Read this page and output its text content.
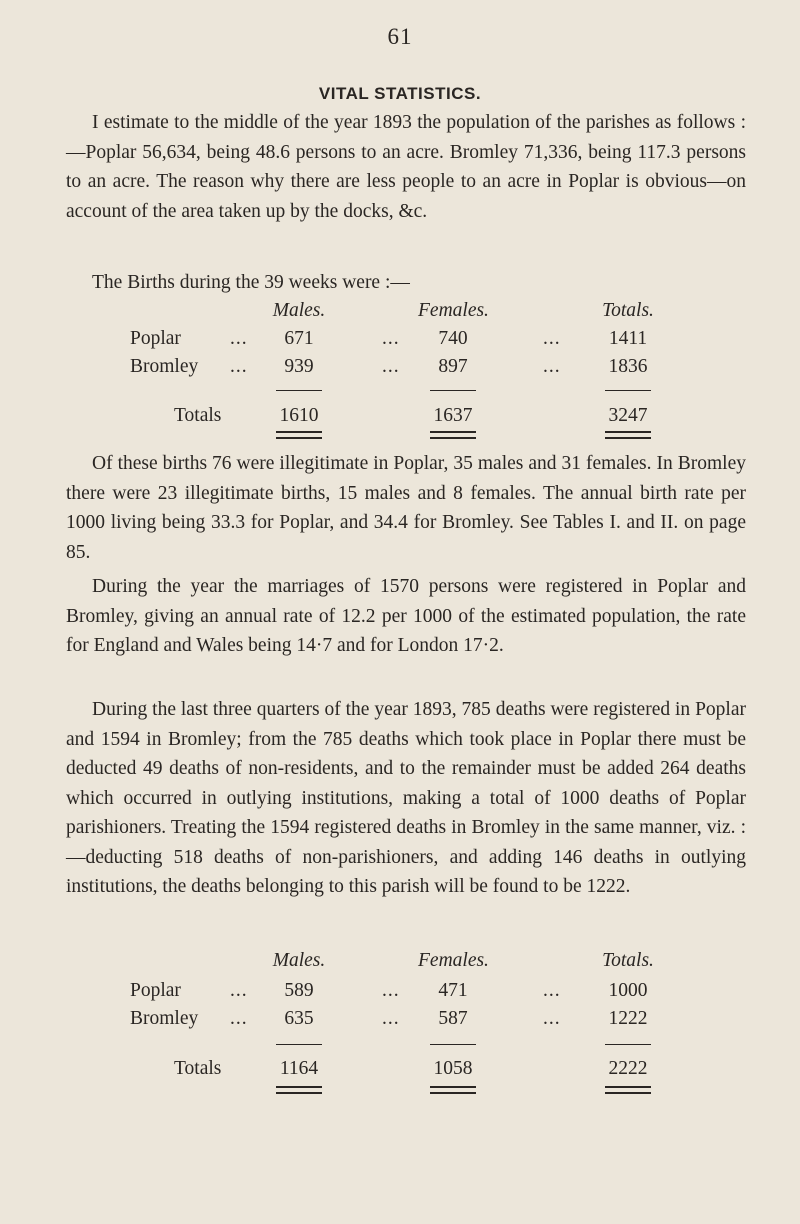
61
VITAL STATISTICS.

I estimate to the middle of the year 1893 the population of the parishes as follows :—Poplar 56,634, being 48.6 persons to an acre. Bromley 71,336, being 117.3 persons to an acre. The reason why there are less people to an acre in Poplar is obvious—on account of the area taken up by the docks, &c.

The Births during the 39 weeks were :—

Males.	Females.	Totals.
Poplar	...	671	...	740	...	1411
Bromley ...	939	...	897	...	1836
Totals	1610	1637	3247

Of these births 76 were illegitimate in Poplar, 35 males and 31 females. In Bromley there were 23 illegitimate births, 15 males and 8 females. The annual birth rate per 1000 living being 33.3 for Poplar, and 34.4 for Bromley. See Tables I. and II. on page 85.

During the year the marriages of 1570 persons were registered in Poplar and Bromley, giving an annual rate of 12.2 per 1000 of the estimated population, the rate for England and Wales being 14·7 and for London 17·2.

During the last three quarters of the year 1893, 785 deaths were registered in Poplar and 1594 in Bromley; from the 785 deaths which took place in Poplar there must be deducted 49 deaths of non-residents, and to the remainder must be added 264 deaths which occurred in outlying institutions, making a total of 1000 deaths of Poplar parishioners. Treating the 1594 registered deaths in Bromley in the same manner, viz. :—deducting 518 deaths of non-parishioners, and adding 146 deaths in outlying institutions, the deaths belonging to this parish will be found to be 1222.

Males.	Females.	Totals.
Poplar	...	589	...	471	...	1000
Bromley ...	635	...	587	...	1222
Totals	1164	1058	2222
